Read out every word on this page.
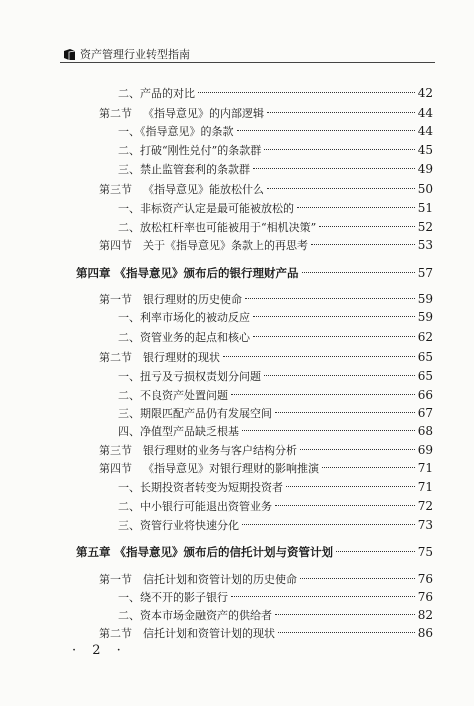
资产管理行业转型指南
二、产品的对比	42
第二节 《指导意见》的内部逻辑	44
一、《指导意见》的条款	44
二、打破“刚性兑付”的条款群	45
三、禁止监管套利的条款群	49
第三节 《指导意见》能放松什么	50
一、非标资产认定是最可能被放松的	51
二、放松杠杆率也可能被用于“相机决策”	52
第四节 关于《指导意见》条款上的再思考	53
第四章 《指导意见》颁布后的银行理财产品	57
第一节 银行理财的历史使命	59
一、利率市场化的被动反应	59
二、资管业务的起点和核心	62
第二节 银行理财的现状	65
一、扭亏及亏损权责划分问题	65
二、不良资产处置问题	66
三、期限匹配产品仍有发展空间	67
四、净值型产品缺乏根基	68
第三节 银行理财的业务与客户结构分析	69
第四节 《指导意见》对银行理财的影响推演	71
一、长期投资者转变为短期投资者	71
二、中小银行可能退出资管业务	72
三、资管行业将快速分化	73
第五章 《指导意见》颁布后的信托计划与资管计划	75
第一节 信托计划和资管计划的历史使命	76
一、绕不开的影子银行	76
二、资本市场金融资产的供给者	82
第二节 信托计划和资管计划的现状	86
· 2 ·
